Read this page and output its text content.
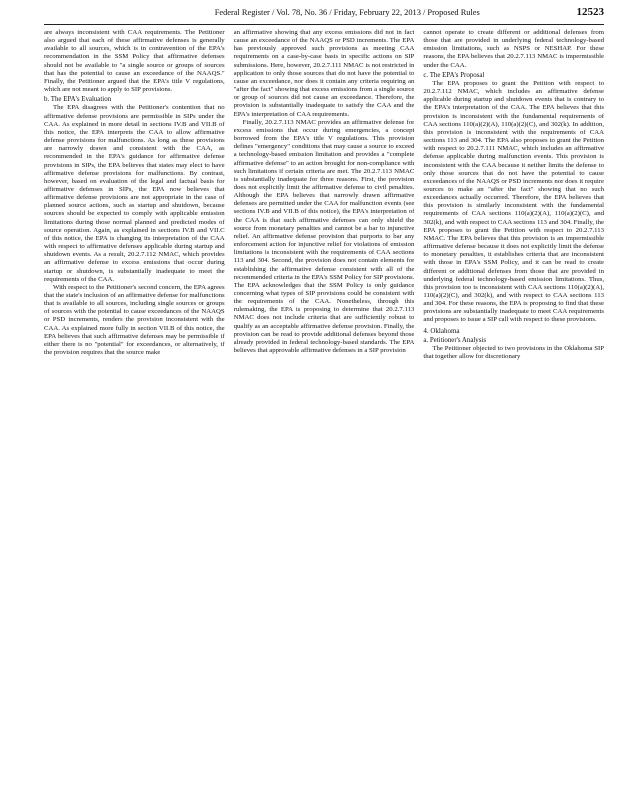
Federal Register / Vol. 78, No. 36 / Friday, February 22, 2013 / Proposed Rules	12523

are always inconsistent with CAA requirements. The Petitioner also argued that each of these affirmative defenses is generally available to all sources, which is in contravention of the EPA's recommendation in the SSM Policy that affirmative defenses should not be available to "a single source or groups of sources that has the potential to cause an exceedance of the NAAQS." Finally, the Petitioner argued that the EPA's title V regulations, which are not meant to apply to SIP provisions.

b. The EPA's Evaluation

The EPA disagrees with the Petitioner's contention that no affirmative defense provisions are permissible in SIPs under the CAA. As explained in more detail in sections IV.B and VII.B of this notice, the EPA interprets the CAA to allow affirmative defense provisions for malfunctions. As long as these provisions are narrowly drawn and consistent with the CAA, as recommended in the EPA's guidance for affirmative defense provisions in SIPs, the EPA believes that states may elect to have affirmative defense provisions for malfunctions. By contrast, however, based on evaluation of the legal and factual basis for affirmative defenses in SIPs, the EPA now believes that affirmative defense provisions are not appropriate in the case of planned source actions, such as startup and shutdown, because sources should be expected to comply with applicable emission limitations during those normal planned and predicted modes of source operation. Again, as explained in sections IV.B and VII.C of this notice, the EPA is changing its interpretation of the CAA with respect to affirmative defenses applicable during startup and shutdown events. As a result, 20.2.7.112 NMAC, which provides an affirmative defense to excess emissions that occur during startup or shutdown, is substantially inadequate to meet the requirements of the CAA.

With respect to the Petitioner's second concern, the EPA agrees that the state's inclusion of an affirmative defense for malfunctions that is available to all sources, including single sources or groups of sources with the potential to cause exceedances of the NAAQS or PSD increments, renders the provision inconsistent with the CAA. As explained more fully in section VII.B of this notice, the EPA believes that such affirmative defenses may be permissible if either there is no "potential" for exceedances, or alternatively, if the provision requires that the source make

an affirmative showing that any excess emissions did not in fact cause an exceedance of the NAAQS or PSD increments. The EPA has previously approved such provisions as meeting CAA requirements on a case-by-case basis in specific actions on SIP submissions. Here, however, 20.2.7.111 NMAC is not restricted in application to only those sources that do not have the potential to cause an exceedance, nor does it contain any criteria requiring an "after the fact" showing that excess emissions from a single source or group of sources did not cause an exceedance. Therefore, the provision is substantially inadequate to satisfy the CAA and the EPA's interpretation of CAA requirements.

Finally, 20.2.7.113 NMAC provides an affirmative defense for excess emissions that occur during emergencies, a concept borrowed from the EPA's title V regulations. This provision defines "emergency" conditions that may cause a source to exceed a technology-based emission limitation and provides a "complete affirmative defense" to an action brought for non-compliance with such limitations if certain criteria are met. The 20.2.7.113 NMAC is substantially inadequate for three reasons. First, the provision does not explicitly limit the affirmative defense to civil penalties. Although the EPA believes that narrowly drawn affirmative defenses are permitted under the CAA for malfunction events (see sections IV.B and VII.B of this notice), the EPA's interpretation of the CAA is that such affirmative defenses can only shield the source from monetary penalties and cannot be a bar to injunctive relief. An affirmative defense provision that purports to bar any enforcement action for injunctive relief for violations of emission limitations is inconsistent with the requirements of CAA sections 113 and 304. Second, the provision does not contain elements for establishing the affirmative defense consistent with all of the recommended criteria in the EPA's SSM Policy for SIP provisions. The EPA acknowledges that the SSM Policy is only guidance concerning what types of SIP provisions could be consistent with the requirements of the CAA. Nonetheless, through this rulemaking, the EPA is proposing to determine that 20.2.7.113 NMAC does not include criteria that are sufficiently robust to qualify as an acceptable affirmative defense provision. Finally, the provision can be read to provide additional defenses beyond those already provided in federal technology-based standards. The EPA believes that approvable affirmative defenses in a SIP provision

cannot operate to create different or additional defenses from those that are provided in underlying federal technology-based emission limitations, such as NSPS or NESHAP. For these reasons, the EPA believes that 20.2.7.113 NMAC is impermissible under the CAA.

c. The EPA's Proposal

The EPA proposes to grant the Petition with respect to 20.2.7.112 NMAC, which includes an affirmative defense applicable during startup and shutdown events that is contrary to the EPA's interpretation of the CAA. The EPA believes that this provision is inconsistent with the fundamental requirements of CAA sections 110(a)(2)(A), 110(a)(2)(C), and 302(k). In addition, this provision is inconsistent with the requirements of CAA sections 113 and 304. The EPA also proposes to grant the Petition with respect to 20.2.7.111 NMAC, which includes an affirmative defense applicable during malfunction events. This provision is inconsistent with the CAA because it neither limits the defense to only those sources that do not have the potential to cause exceedances of the NAAQS or PSD increments nor does it require sources to make an "after the fact" showing that no such exceedances actually occurred. Therefore, the EPA believes that this provision is similarly inconsistent with the fundamental requirements of CAA sections 110(a)(2)(A), 110(a)(2)(C), and 302(k), and with respect to CAA sections 113 and 304. Finally, the EPA proposes to grant the Petition with respect to 20.2.7.113 NMAC. The EPA believes that this provision is an impermissible affirmative defense because it does not explicitly limit the defense to monetary penalties, it establishes criteria that are inconsistent with those in EPA's SSM Policy, and it can be read to create different or additional defenses from those that are provided in underlying federal technology-based emission limitations. Thus, this provision too is inconsistent with CAA sections 110(a)(2)(A), 110(a)(2)(C), and 302(k), and with respect to CAA sections 113 and 304. For these reasons, the EPA is proposing to find that these provisions are substantially inadequate to meet CAA requirements and proposes to issue a SIP call with respect to these provisions.

4. Oklahoma
a. Petitioner's Analysis

The Petitioner objected to two provisions in the Oklahoma SIP that together allow for discretionary
